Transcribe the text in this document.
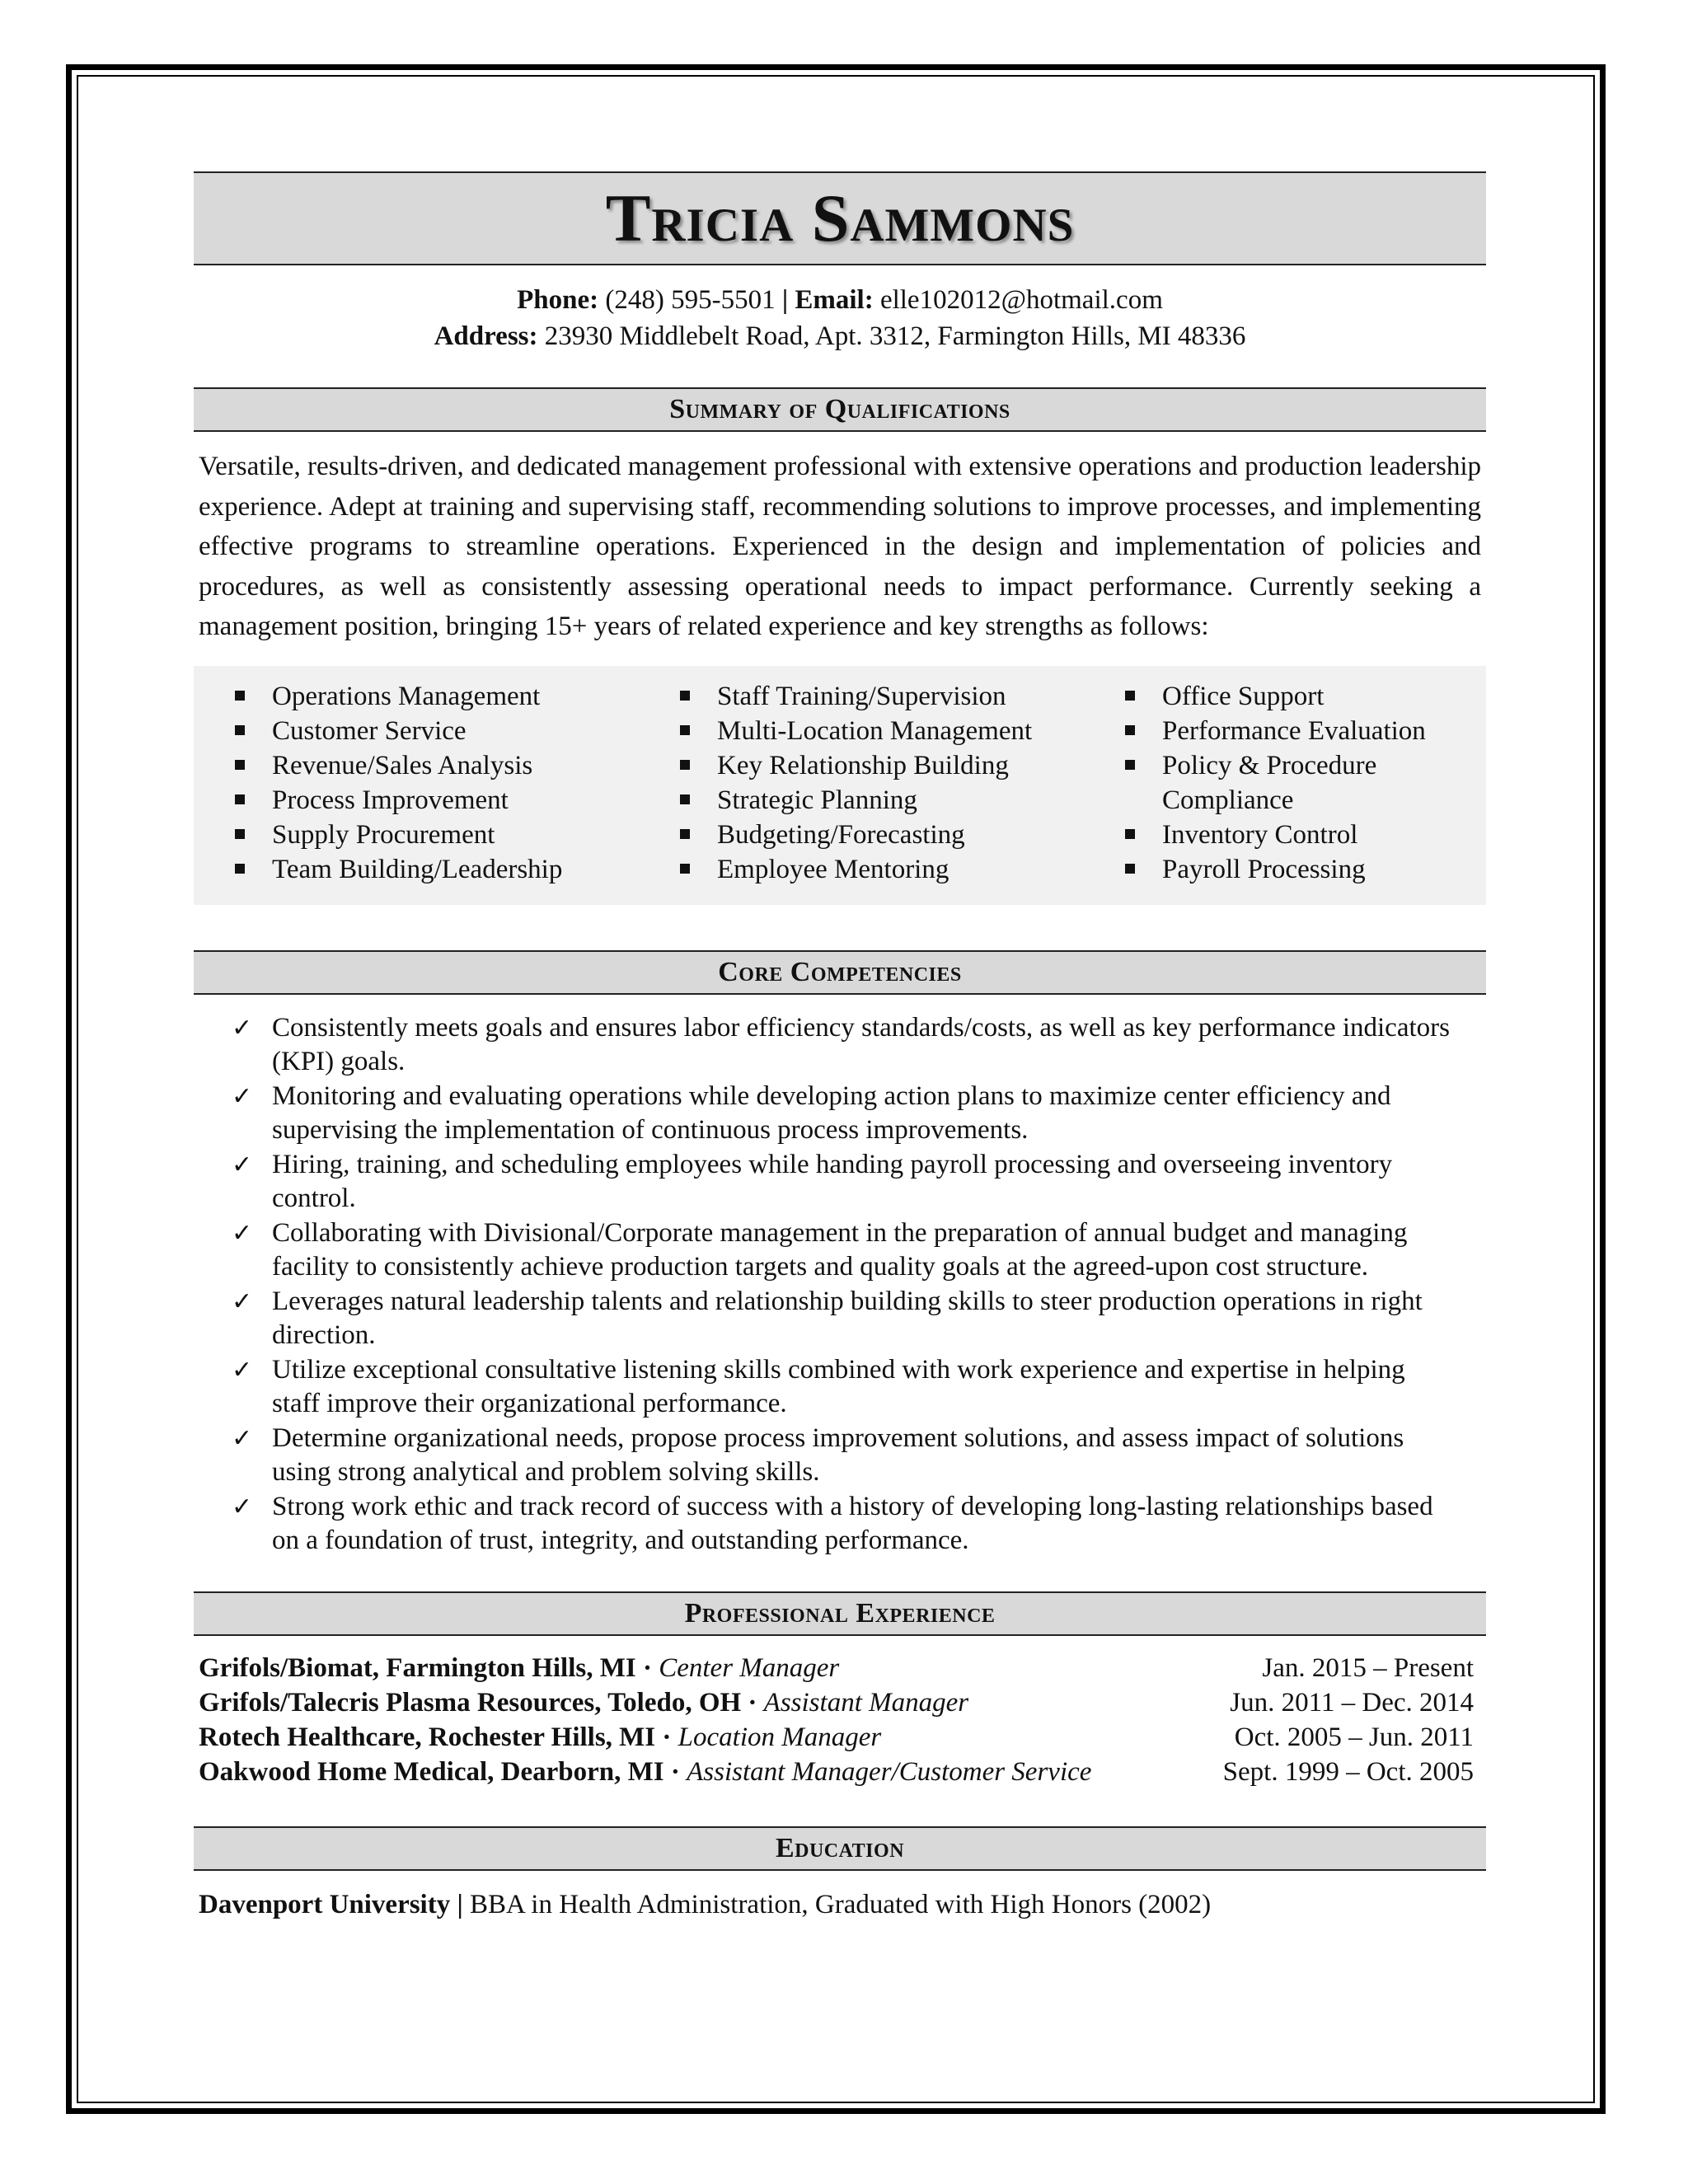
Tricia Sammons
Phone: (248) 595-5501 | Email: elle102012@hotmail.com
Address: 23930 Middlebelt Road, Apt. 3312, Farmington Hills, MI 48336
Summary of Qualifications
Versatile, results-driven, and dedicated management professional with extensive operations and production leadership experience. Adept at training and supervising staff, recommending solutions to improve processes, and implementing effective programs to streamline operations. Experienced in the design and implementation of policies and procedures, as well as consistently assessing operational needs to impact performance. Currently seeking a management position, bringing 15+ years of related experience and key strengths as follows:
Operations Management
Customer Service
Revenue/Sales Analysis
Process Improvement
Supply Procurement
Team Building/Leadership
Staff Training/Supervision
Multi-Location Management
Key Relationship Building
Strategic Planning
Budgeting/Forecasting
Employee Mentoring
Office Support
Performance Evaluation
Policy & Procedure Compliance
Inventory Control
Payroll Processing
Core Competencies
✓ Consistently meets goals and ensures labor efficiency standards/costs, as well as key performance indicators (KPI) goals.
✓ Monitoring and evaluating operations while developing action plans to maximize center efficiency and supervising the implementation of continuous process improvements.
✓ Hiring, training, and scheduling employees while handing payroll processing and overseeing inventory control.
✓ Collaborating with Divisional/Corporate management in the preparation of annual budget and managing facility to consistently achieve production targets and quality goals at the agreed-upon cost structure.
✓ Leverages natural leadership talents and relationship building skills to steer production operations in right direction.
✓ Utilize exceptional consultative listening skills combined with work experience and expertise in helping staff improve their organizational performance.
✓ Determine organizational needs, propose process improvement solutions, and assess impact of solutions using strong analytical and problem solving skills.
✓ Strong work ethic and track record of success with a history of developing long-lasting relationships based on a foundation of trust, integrity, and outstanding performance.
Professional Experience
Grifols/Biomat, Farmington Hills, MI · Center Manager	Jan. 2015 – Present
Grifols/Talecris Plasma Resources, Toledo, OH · Assistant Manager	Jun. 2011 – Dec. 2014
Rotech Healthcare, Rochester Hills, MI · Location Manager	Oct. 2005 – Jun. 2011
Oakwood Home Medical, Dearborn, MI · Assistant Manager/Customer Service	Sept. 1999 – Oct. 2005
Education
Davenport University | BBA in Health Administration, Graduated with High Honors (2002)
